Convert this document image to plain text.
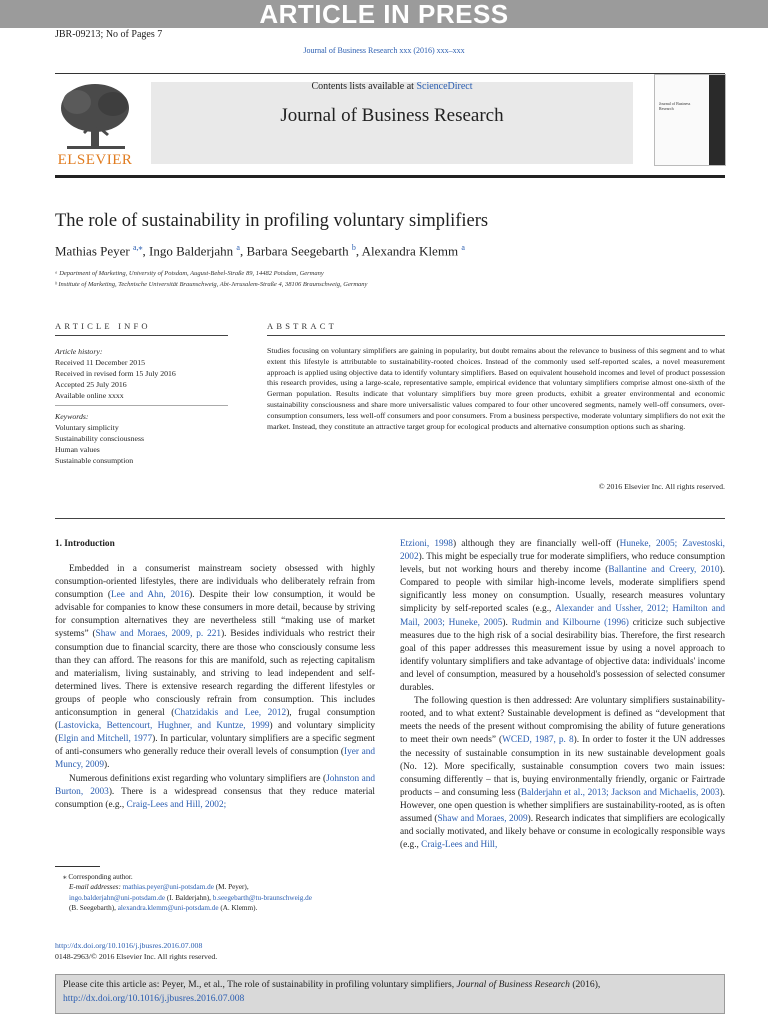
ARTICLE IN PRESS
JBR-09213; No of Pages 7
Journal of Business Research xxx (2016) xxx–xxx
ELSEVIER
Contents lists available at ScienceDirect
Journal of Business Research
Journal of Business Research
The role of sustainability in profiling voluntary simplifiers
Mathias Peyer $^{a,⁎}$, Ingo Balderjahn $^a$, Barbara Seegebarth $^b$, Alexandra Klemm $^a$
ᵃ Department of Marketing, University of Potsdam, August-Bebel-Straße 89, 14482 Potsdam, Germany
ᵇ Institute of Marketing, Technische Universität Braunschweig, Abt-Jerusalem-Straße 4, 38106 Braunschweig, Germany
ARTICLE INFO
Article history:
Received 11 December 2015
Received in revised form 15 July 2016
Accepted 25 July 2016
Available online xxxx
Keywords:
Voluntary simplicity
Sustainability consciousness
Human values
Sustainable consumption
ABSTRACT
Studies focusing on voluntary simplifiers are gaining in popularity, but doubt remains about the relevance to business of this segment and to what extent this lifestyle is attributable to sustainability-rooted choices. Instead of the commonly used self-reported scales, a novel measurement approach is applied using objective data to identify voluntary simplifiers. Based on equivalent household incomes and level of product possession this research provides, using a large-scale, representative sample, empirical evidence that voluntary simplifiers comprise almost one-sixth of the German population. Results indicate that voluntary simplifiers buy more green products, exhibit a greater environmental and economic sustainability consciousness and share more universalistic values compared to four other uncovered segments, namely well-off consumers, over-consumption consumers, less well-off consumers and poor consumers. From a business perspective, moderate voluntary simplifiers do not exit the market. Instead, they constitute an attractive target group for ecological products and alternative consumption options such as sharing.
© 2016 Elsevier Inc. All rights reserved.
1. Introduction

Embedded in a consumerist mainstream society obsessed with highly consumption-oriented lifestyles, there are individuals who deliberately refrain from consumption (Lee and Ahn, 2016). Despite their low consumption, it would be advisable for companies to know these consumers in more detail, because by striving for consumption alternatives they are nevertheless still “making use of market systems” (Shaw and Moraes, 2009, p. 221). Besides individuals who restrict their consumption due to financial scarcity, there are those who consciously consume less than they can afford. The reasons for this are manifold, such as rejecting capitalism and materialism, living sustainably, and striving to lead independent and self-determined lives. There is extensive research regarding the different lifestyles or groups of people who consciously refrain from consumption. This includes anticonsumption in general (Chatzidakis and Lee, 2012), frugal consumption (Lastovicka, Bettencourt, Hughner, and Kuntze, 1999) and voluntary simplicity (Elgin and Mitchell, 1977). In particular, voluntary simplifiers are a specific segment of anti-consumers who generally reduce their overall levels of consumption (Iyer and Muncy, 2009).

Numerous definitions exist regarding who voluntary simplifiers are (Johnston and Burton, 2003). There is a widespread consensus that they reduce material consumption (e.g., Craig-Lees and Hill, 2002;

Etzioni, 1998) although they are financially well-off (Huneke, 2005; Zavestoski, 2002). This might be especially true for moderate simplifiers, who reduce consumption levels, but not working hours and thereby income (Ballantine and Creery, 2010). Compared to people with similar high-income levels, moderate simplifiers spend significantly less money on consumption. Usually, research measures voluntary simplicity by self-reported scales (e.g., Alexander and Ussher, 2012; Hamilton and Mail, 2003; Huneke, 2005). Rudmin and Kilbourne (1996) criticize such subjective measures due to the high risk of a social desirability bias. Therefore, the first research goal of this paper addresses this measurement issue by using a novel approach to identify voluntary simplifiers and take advantage of objective data: individuals' income and level of consumption, measured by a household's possession of selected consumer durables.

The following question is then addressed: Are voluntary simplifiers sustainability-rooted, and to what extent? Sustainable development is defined as “development that meets the needs of the present without compromising the ability of future generations to meet their own needs” (WCED, 1987, p. 8). In order to foster it the UN addresses the necessity of sustainable consumption in its new sustainable development goals (No. 12). More specifically, sustainable consumption covers two main issues: consuming differently – that is, buying environmentally friendly, organic or Fairtrade products – and consuming less (Balderjahn et al., 2013; Jackson and Michaelis, 2003). However, one open question is whether simplifiers are sustainability-rooted, as is often assumed (Shaw and Moraes, 2009). Research indicates that simplifiers are ecologically and socially motivated, and likely behave or consume in ecologically responsible ways (e.g., Craig-Lees and Hill,

⁎ Corresponding author.
E-mail addresses: mathias.peyer@uni-potsdam.de (M. Peyer),
ingo.balderjahn@uni-potsdam.de (I. Balderjahn), b.seegebarth@tu-braunschweig.de
(B. Seegebarth), alexandra.klemm@uni-potsdam.de (A. Klemm).
http://dx.doi.org/10.1016/j.jbusres.2016.07.008
0148-2963/© 2016 Elsevier Inc. All rights reserved.
Please cite this article as: Peyer, M., et al., The role of sustainability in profiling voluntary simplifiers, Journal of Business Research (2016), http://dx.doi.org/10.1016/j.jbusres.2016.07.008
